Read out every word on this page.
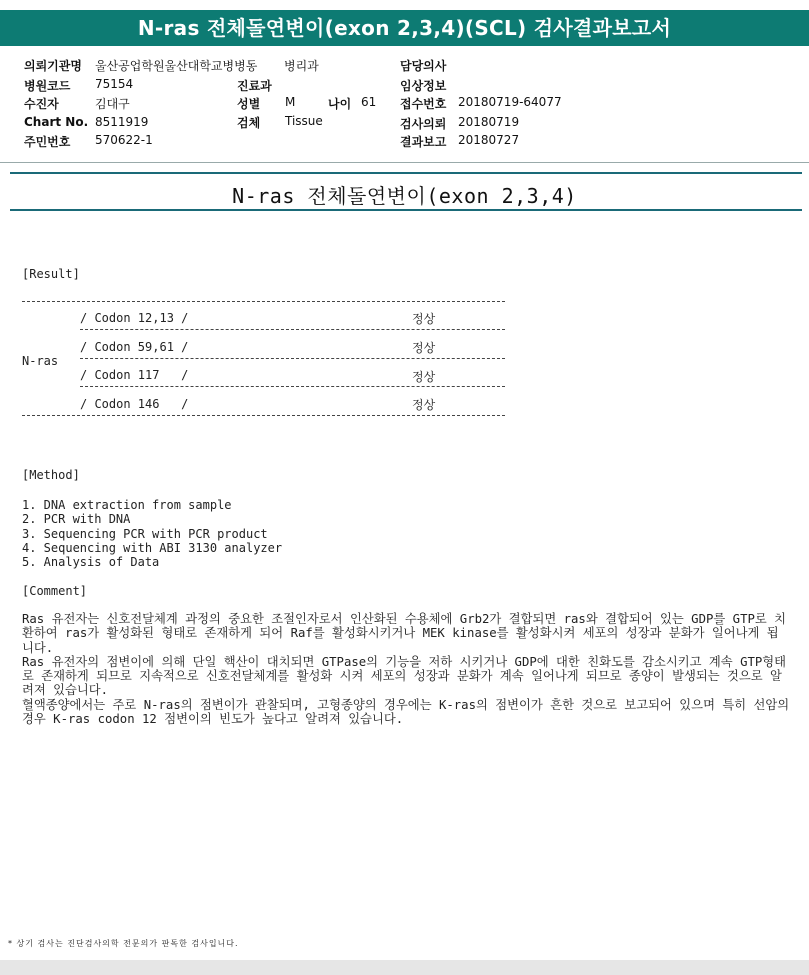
N-ras 전체돌연변이(exon 2,3,4)(SCL) 검사결과보고서
의뢰기관명 울산공업학원울산대학교병병동 병리과	담당의사
병원코드 75154	진료과	임상정보
수진자	김대구	성별 M	나이 61 접수번호 20180719-64077
Chart No. 8511919	검체 Tissue	검사의뢰 20180719
주민번호 570622-1	결과보고 20180727
N-ras 전체돌연변이(exon 2,3,4)
[Result]
N-ras
/ Codon 12,13 /	정상
/ Codon 59,61 /	정상
/ Codon 117   /	정상
/ Codon 146   /	정상
[Method]
1. DNA extraction from sample
2. PCR with DNA
3. Sequencing PCR with PCR product
4. Sequencing with ABI 3130 analyzer
5. Analysis of Data
[Comment]

Ras 유전자는 신호전달체계 과정의 중요한 조절인자로서 인산화된 수용체에 Grb2가 결합되면 ras와 결합되어 있는 GDP를 GTP로 치환하여 ras가 활성화된 형태로 존재하게 되어 Raf를 활성화시키거나 MEK kinase를 활성화시켜 세포의 성장과 분화가 일어나게 됩니다.

Ras 유전자의 점변이에 의해 단일 핵산이 대치되면 GTPase의 기능을 저하 시키거나 GDP에 대한 친화도를 감소시키고 계속 GTP형태로 존재하게 되므로 지속적으로 신호전달체계를 활성화 시켜 세포의 성장과 분화가 계속 일어나게 되므로 종양이 발생되는 것으로 알려져 있습니다.

혈액종양에서는 주로 N-ras의 점변이가 관찰되며, 고형종양의 경우에는 K-ras의 점변이가 흔한 것으로 보고되어 있으며 특히 선암의 경우 K-ras codon 12 점변이의 빈도가 높다고 알려져 있습니다.

* 상기 검사는 진단검사의학 전문의가 판독한 검사입니다.
